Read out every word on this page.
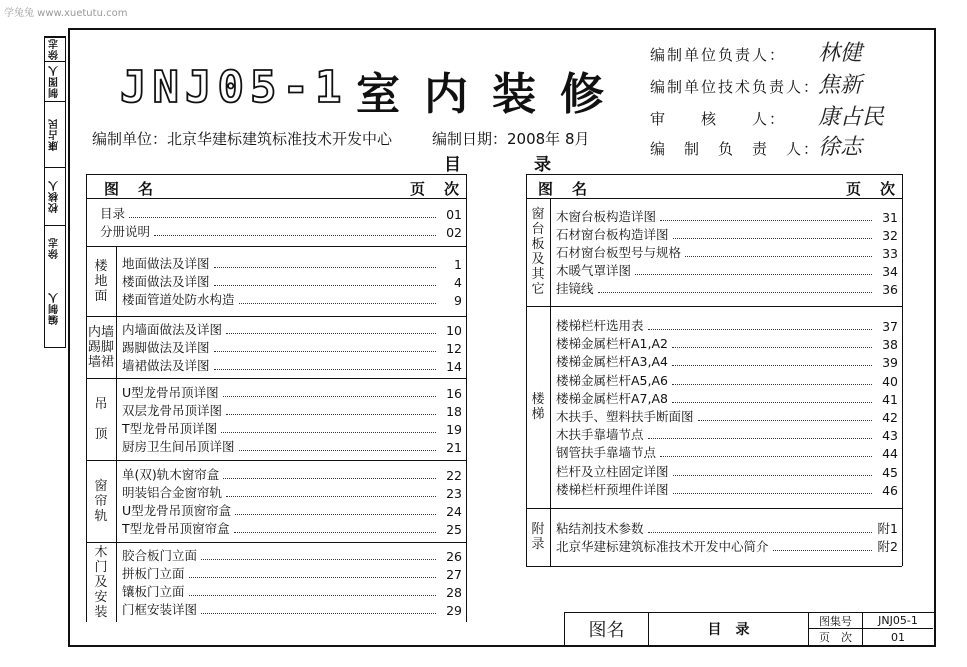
学兔兔 www.xuetutu.com
徐志
制图人
康占民
校核人
徐志
编制人
JNJ05-1 室内装修
编制单位负责人： 林健
编制单位技术负责人：
焦新
审　　核　　人： 康占民
编　制　负　责　人：
徐志
编制单位：北京华建标建筑标准技术开发中心	编制日期：2008年 8月
目	录
图　名	页　次
目录	01
分册说明	02
楼
地
面
地面做法及详图	1
楼面做法及详图	4
楼面管道处防水构造	9
内墙
踢脚
墙裙
内墙面做法及详图	10
踢脚做法及详图	12
墙裙做法及详图	14
吊

顶
U型龙骨吊顶详图	16
双层龙骨吊顶详图	18
T型龙骨吊顶详图	19
厨房卫生间吊顶详图	21
窗
帘
轨
单(双)轨木窗帘盒	22
明装铝合金窗帘轨	23
U型龙骨吊顶窗帘盒	24
T型龙骨吊顶窗帘盒	25
木
门
及
安
装
胶合板门立面	26
拼板门立面	27
镶板门立面	28
门框安装详图	29
图　名	页　次
窗
台
板
及
其
它
木窗台板构造详图	31
石材窗台板构造详图	32
石材窗台板型号与规格	33
木暖气罩详图	34
挂镜线	36
楼
梯
楼梯栏杆选用表	37
楼梯金属栏杆A1,A2	38
楼梯金属栏杆A3,A4	39
楼梯金属栏杆A5,A6	40
楼梯金属栏杆A7,A8	41
木扶手、塑料扶手断面图	42
木扶手靠墙节点	43
钢管扶手靠墙节点	44
栏杆及立柱固定详图	45
楼梯栏杆预埋件详图	46
附
录
粘结剂技术参数	附1
北京华建标建筑标准技术开发中心简介	附2
图名	目　录
图集号	JNJ05-1
页　次	01
